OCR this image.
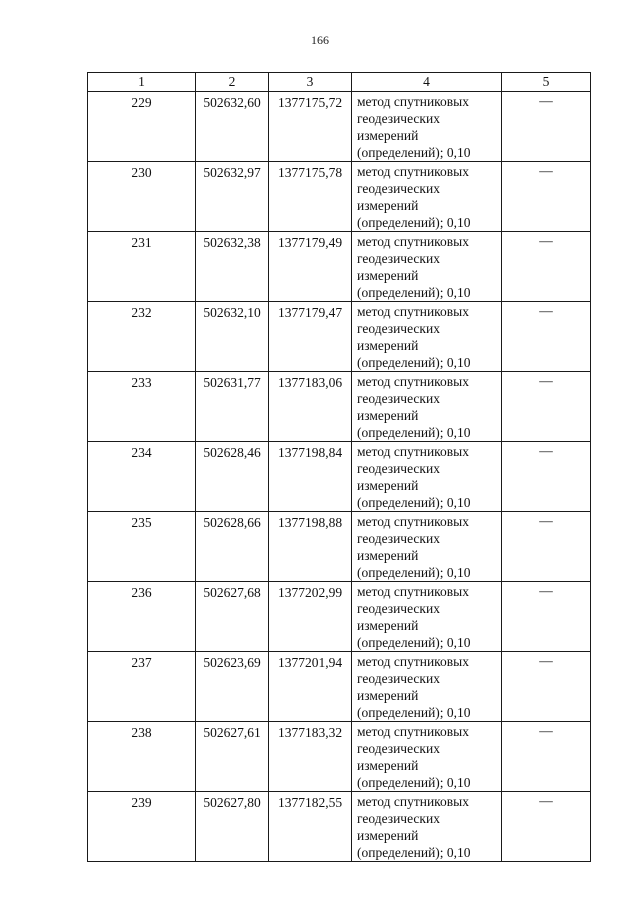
166
1	2	3	4	5
229	502632,60	1377175,72	метод спутниковых
геодезических
измерений
(определений); 0,10	—
230	502632,97	1377175,78	метод спутниковых
геодезических
измерений
(определений); 0,10	—
231	502632,38	1377179,49	метод спутниковых
геодезических
измерений
(определений); 0,10	—
232	502632,10	1377179,47	метод спутниковых
геодезических
измерений
(определений); 0,10	—
233	502631,77	1377183,06	метод спутниковых
геодезических
измерений
(определений); 0,10	—
234	502628,46	1377198,84	метод спутниковых
геодезических
измерений
(определений); 0,10	—
235	502628,66	1377198,88	метод спутниковых
геодезических
измерений
(определений); 0,10	—
236	502627,68	1377202,99	метод спутниковых
геодезических
измерений
(определений); 0,10	—
237	502623,69	1377201,94	метод спутниковых
геодезических
измерений
(определений); 0,10	—
238	502627,61	1377183,32	метод спутниковых
геодезических
измерений
(определений); 0,10	—
239	502627,80	1377182,55	метод спутниковых
геодезических
измерений
(определений); 0,10	—
